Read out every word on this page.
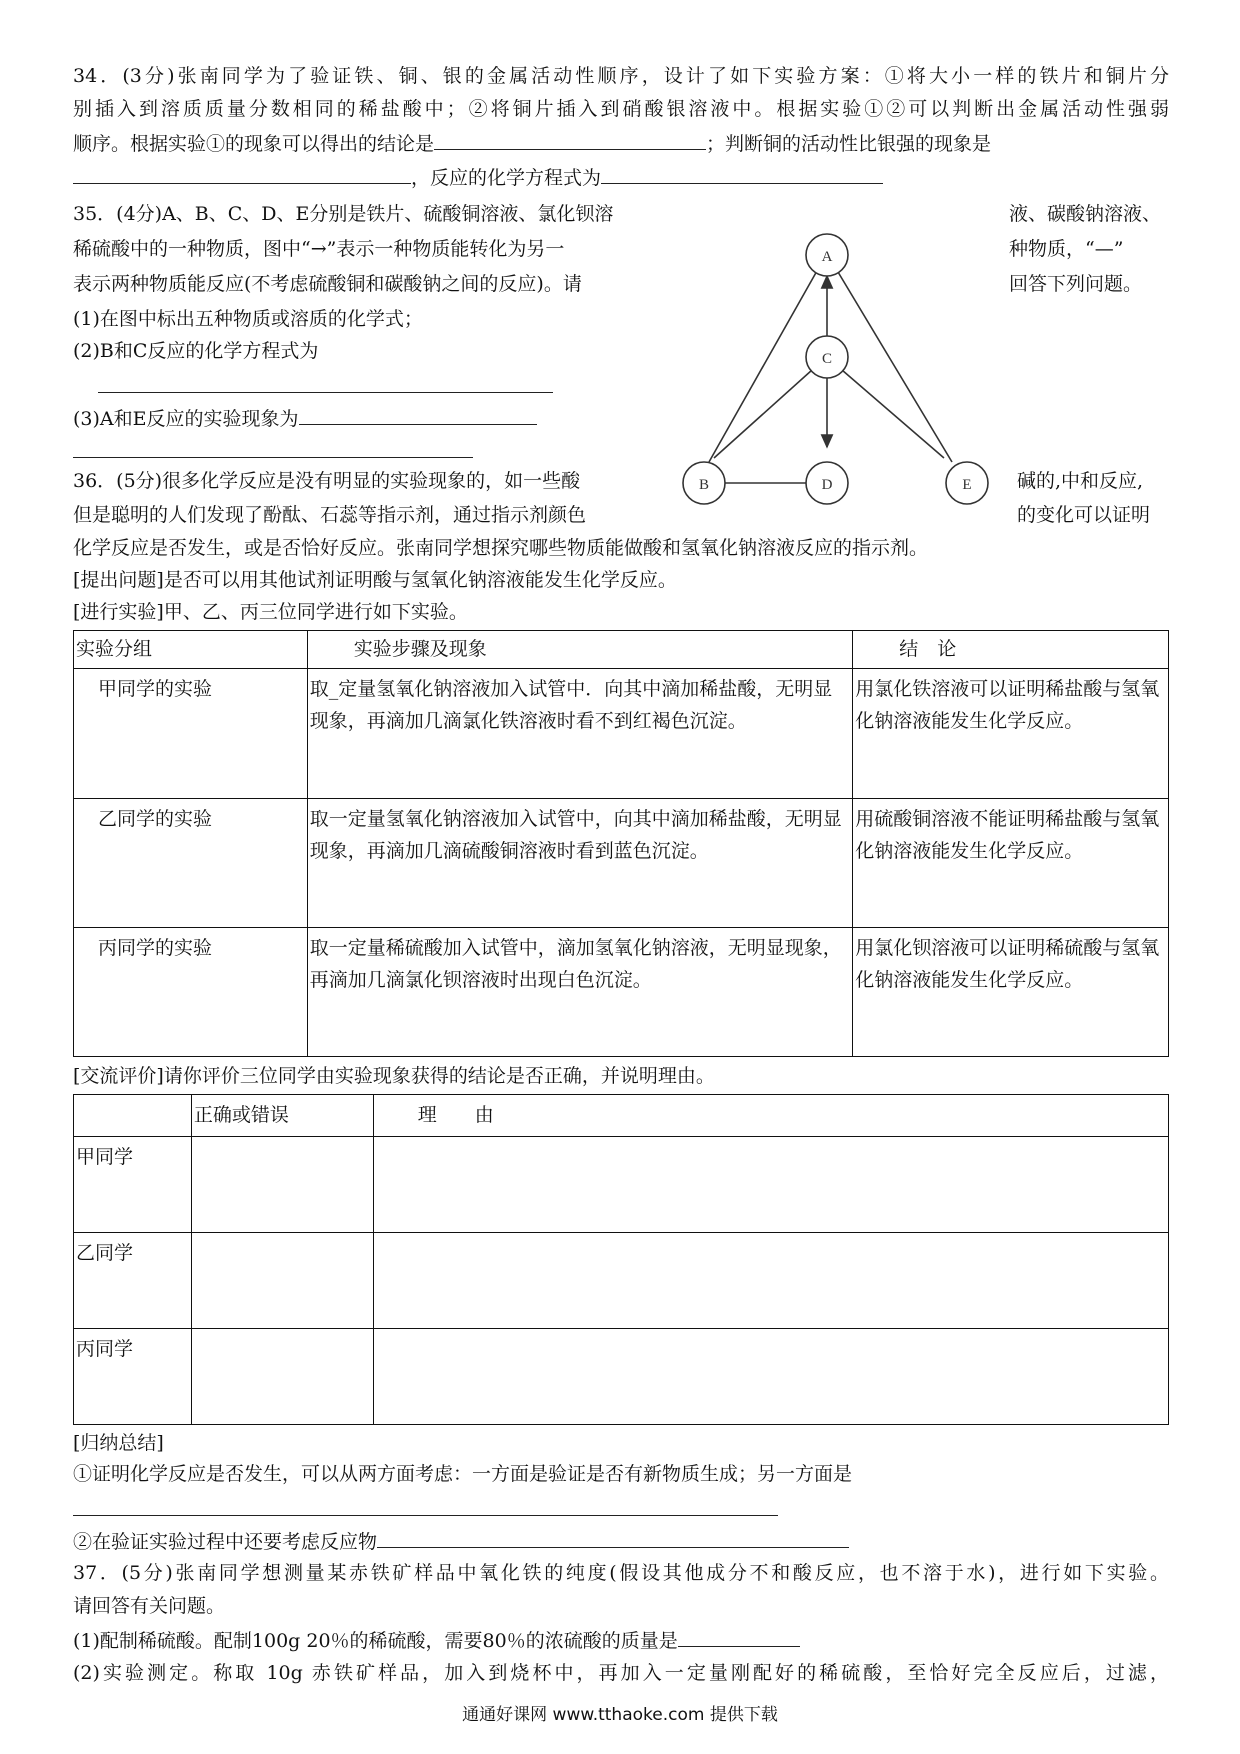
34．(3分)张南同学为了验证铁、铜、银的金属活动性顺序，设计了如下实验方案：①将大小一样的铁片和铜片分
别插入到溶质质量分数相同的稀盐酸中；②将铜片插入到硝酸银溶液中。根据实验①②可以判断出金属活动性强弱
顺序。根据实验①的现象可以得出的结论是	；判断铜的活动性比银强的现象是
，反应的化学方程式为
35．(4分)A、B、C、D、E分别是铁片、硫酸铜溶液、氯化钡溶	液、碳酸钠溶液、
稀硫酸中的一种物质，图中“→”表示一种物质能转化为另一	种物质，“—”
表示两种物质能反应(不考虑硫酸铜和碳酸钠之间的反应)。请	回答下列问题。
(1)在图中标出五种物质或溶质的化学式；
(2)B和C反应的化学方程式为
(3)A和E反应的实验现象为
A
C
B	D	E
36．(5分)很多化学反应是没有明显的实验现象的，如一些酸	碱的,中和反应,
但是聪明的人们发现了酚酞、石蕊等指示剂，通过指示剂颜色	的变化可以证明
化学反应是否发生，或是否恰好反应。张南同学想探究哪些物质能做酸和氢氧化钠溶液反应的指示剂。
[提出问题]是否可以用其他试剂证明酸与氢氧化钠溶液能发生化学反应。
[进行实验]甲、乙、丙三位同学进行如下实验。
实验分组	实验步骤及现象	结　论
甲同学的实验	取_定量氢氧化钠溶液加入试管中．向其中滴加稀盐酸，无明显现象，再滴加几滴氯化铁溶液时看不到红褐色沉淀。	用氯化铁溶液可以证明稀盐酸与氢氧化钠溶液能发生化学反应。
乙同学的实验	取一定量氢氧化钠溶液加入试管中，向其中滴加稀盐酸，无明显现象，再滴加几滴硫酸铜溶液时看到蓝色沉淀。	用硫酸铜溶液不能证明稀盐酸与氢氧化钠溶液能发生化学反应。
丙同学的实验	取一定量稀硫酸加入试管中，滴加氢氧化钠溶液，无明显现象，再滴加几滴氯化钡溶液时出现白色沉淀。	用氯化钡溶液可以证明稀硫酸与氢氧化钠溶液能发生化学反应。
[交流评价]请你评价三位同学由实验现象获得的结论是否正确，并说明理由。
	正确或错误	理　　由
甲同学		
乙同学		
丙同学		
[归纳总结]
①证明化学反应是否发生，可以从两方面考虑：一方面是验证是否有新物质生成；另一方面是
②在验证实验过程中还要考虑反应物
37．(5分)张南同学想测量某赤铁矿样品中氧化铁的纯度(假设其他成分不和酸反应，也不溶于水)，进行如下实验。
请回答有关问题。
(1)配制稀硫酸。配制100g 20％的稀硫酸，需要80％的浓硫酸的质量是
(2)实验测定。称取 10g 赤铁矿样品，加入到烧杯中，再加入一定量刚配好的稀硫酸，至恰好完全反应后，过滤，
通通好课网 www.tthaoke.com 提供下载
